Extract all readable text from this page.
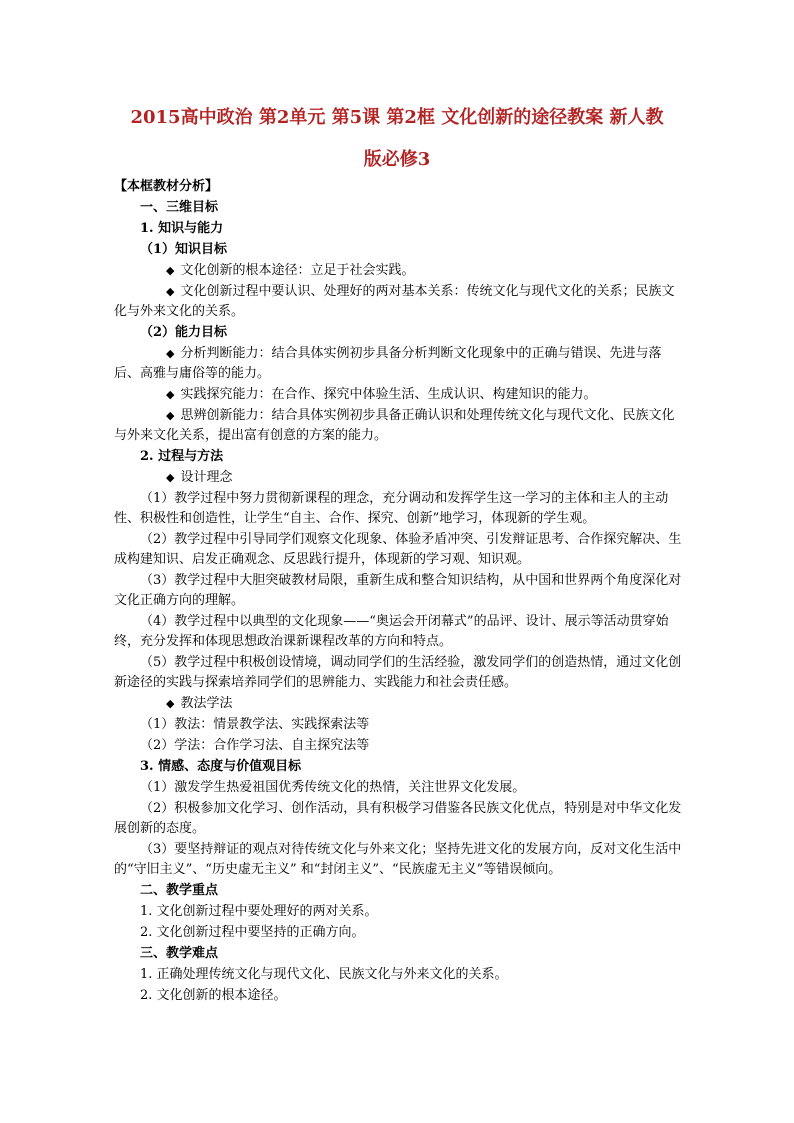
2015高中政治 第2单元 第5课 第2框 文化创新的途径教案 新人教
版必修3

【本框教材分析】

一、三维目标

1. 知识与能力

（1）知识目标

◆ 文化创新的根本途径：立足于社会实践。

◆ 文化创新过程中要认识、处理好的两对基本关系：传统文化与现代文化的关系；民族文化与外来文化的关系。

（2）能力目标

◆ 分析判断能力：结合具体实例初步具备分析判断文化现象中的正确与错误、先进与落后、高雅与庸俗等的能力。

◆ 实践探究能力：在合作、探究中体验生活、生成认识、构建知识的能力。

◆ 思辨创新能力：结合具体实例初步具备正确认识和处理传统文化与现代文化、民族文化与外来文化关系，提出富有创意的方案的能力。

2. 过程与方法

◆ 设计理念

（1）教学过程中努力贯彻新课程的理念，充分调动和发挥学生这一学习的主体和主人的主动性、积极性和创造性，让学生“自主、合作、探究、创新”地学习，体现新的学生观。

（2）教学过程中引导同学们观察文化现象、体验矛盾冲突、引发辩证思考、合作探究解决、生成构建知识、启发正确观念、反思践行提升，体现新的学习观、知识观。

（3）教学过程中大胆突破教材局限，重新生成和整合知识结构，从中国和世界两个角度深化对文化正确方向的理解。

（4）教学过程中以典型的文化现象——“奥运会开闭幕式”的品评、设计、展示等活动贯穿始终，充分发挥和体现思想政治课新课程改革的方向和特点。

（5）教学过程中积极创设情境，调动同学们的生活经验，激发同学们的创造热情，通过文化创新途径的实践与探索培养同学们的思辨能力、实践能力和社会责任感。

◆ 教法学法

（1）教法：情景教学法、实践探索法等

（2）学法：合作学习法、自主探究法等

3. 情感、态度与价值观目标

（1）激发学生热爱祖国优秀传统文化的热情，关注世界文化发展。

（2）积极参加文化学习、创作活动，具有积极学习借鉴各民族文化优点，特别是对中华文化发展创新的态度。

（3）要坚持辩证的观点对待传统文化与外来文化；坚持先进文化的发展方向，反对文化生活中的“守旧主义”、“历史虚无主义” 和“封闭主义”、“民族虚无主义”等错误倾向。

二、教学重点

1. 文化创新过程中要处理好的两对关系。

2. 文化创新过程中要坚持的正确方向。

三、教学难点

1. 正确处理传统文化与现代文化、民族文化与外来文化的关系。

2. 文化创新的根本途径。
